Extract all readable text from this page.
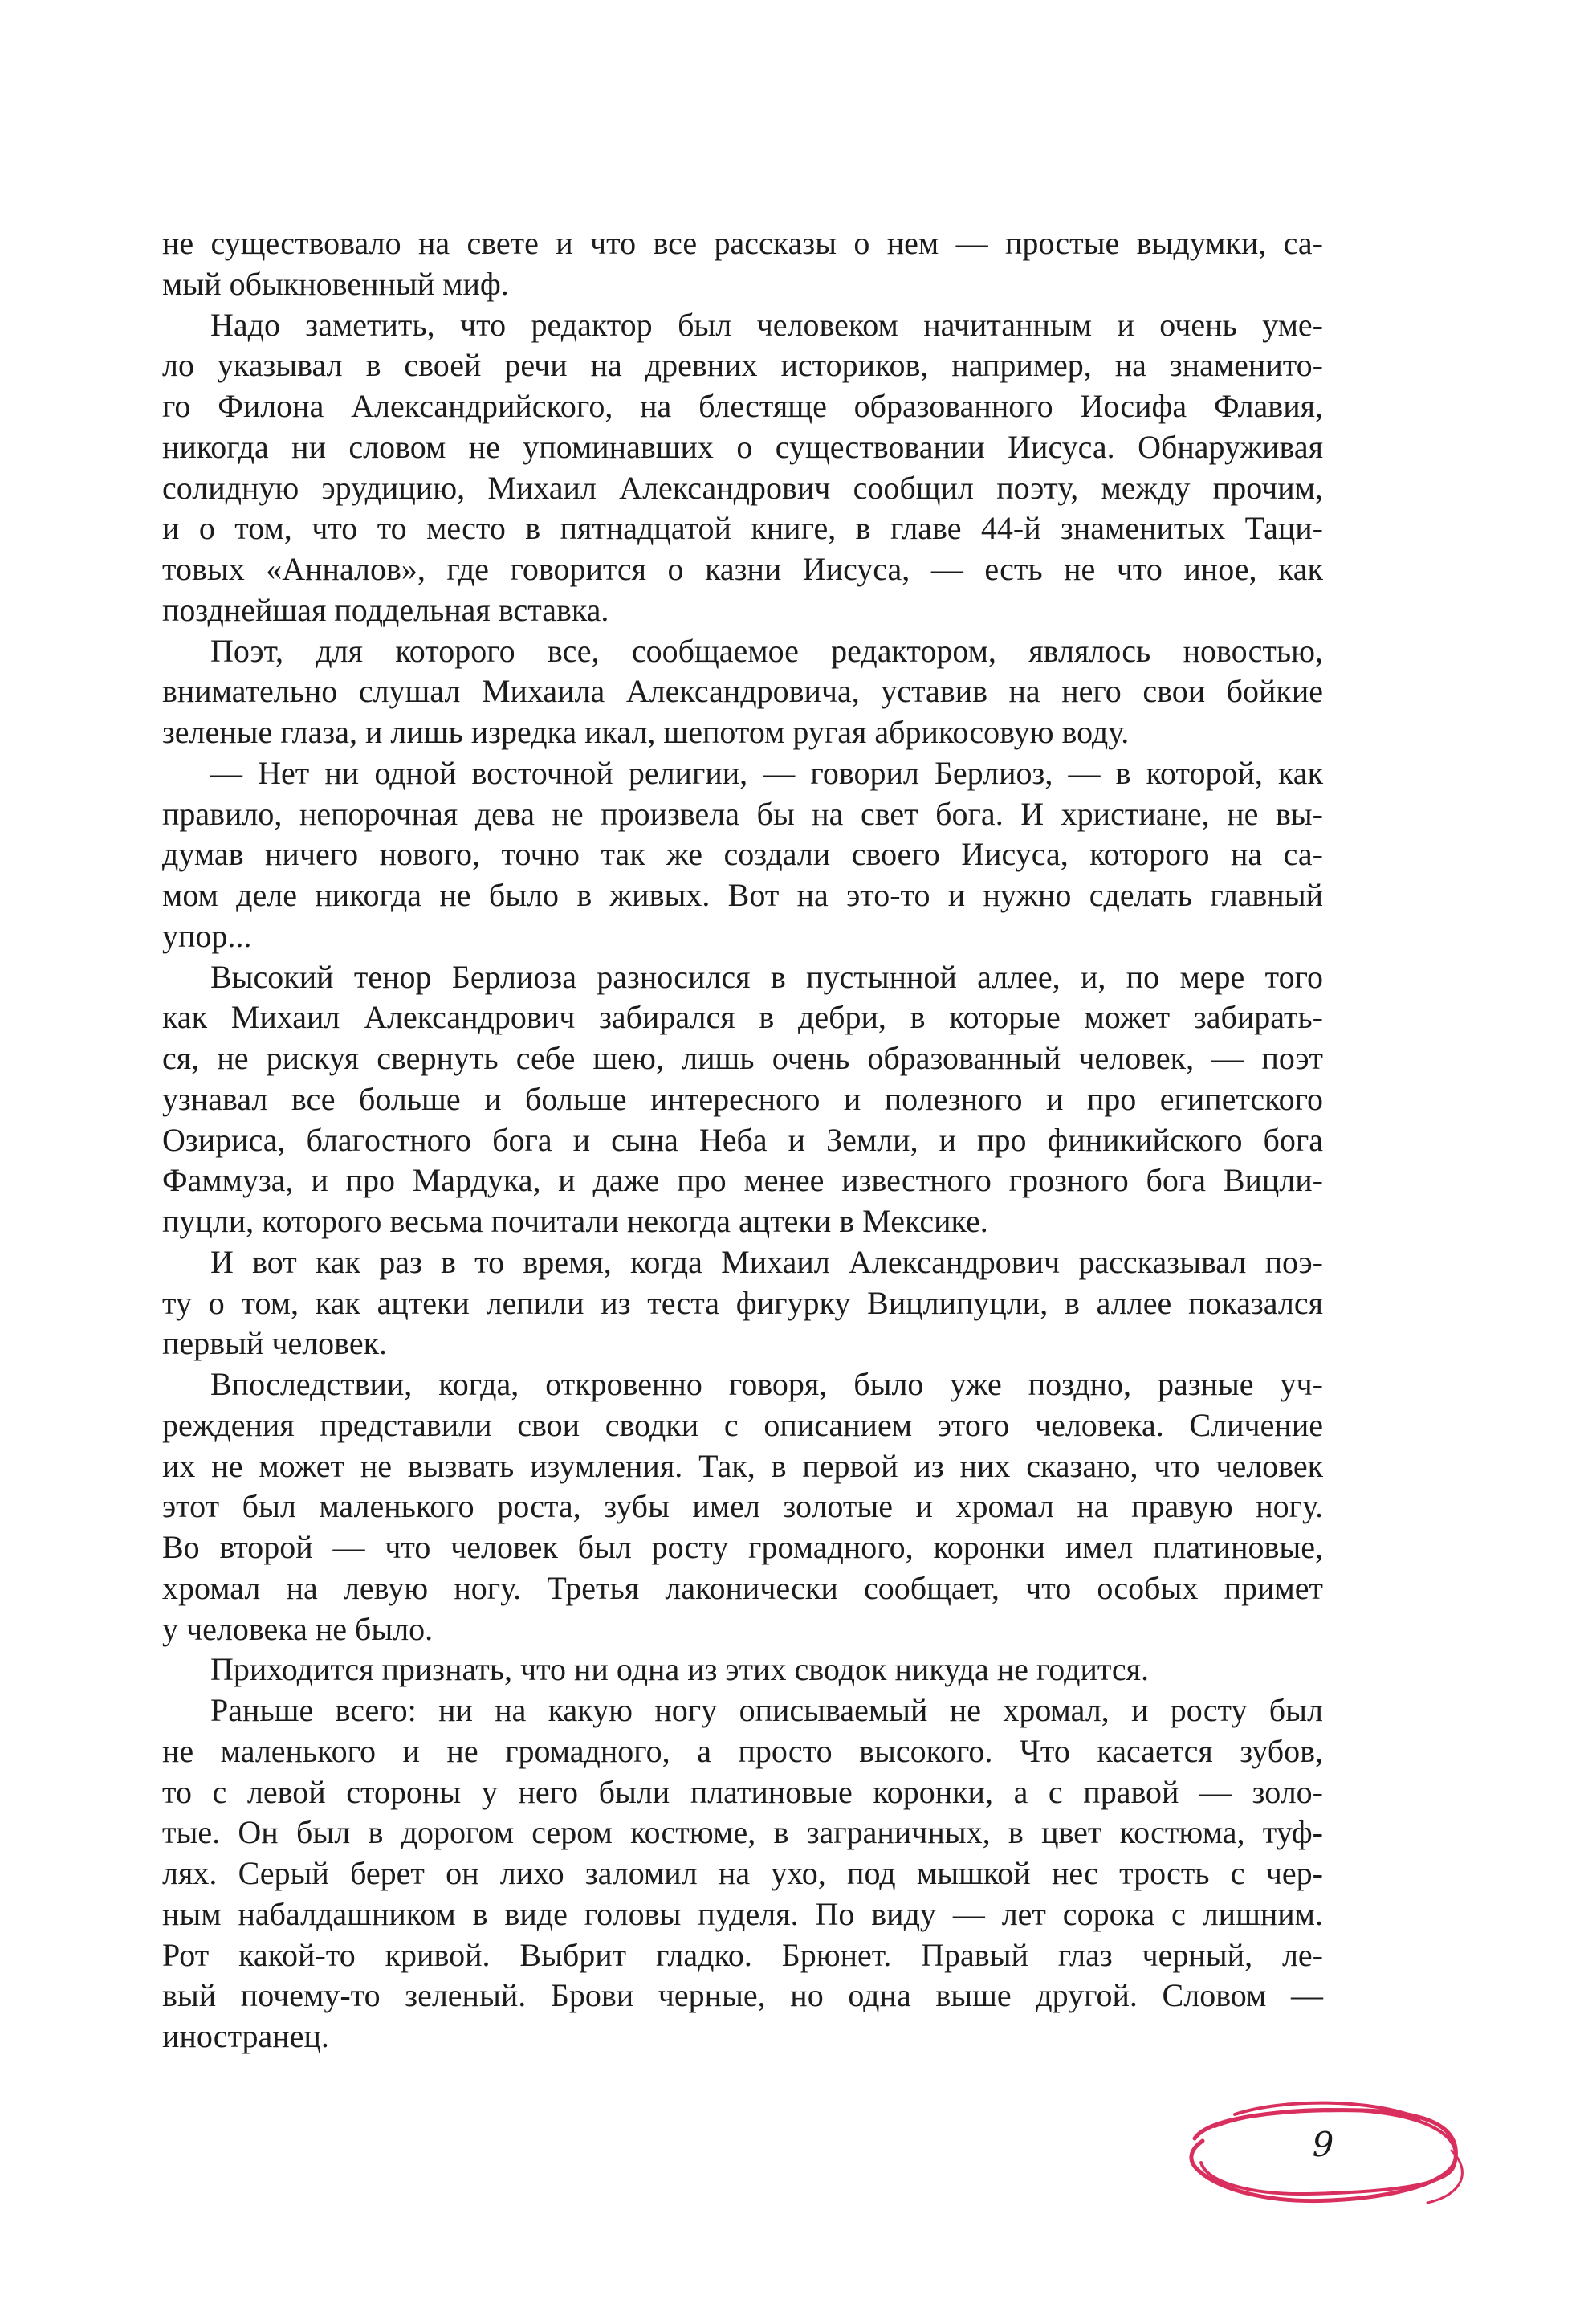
не существовало на свете и что все рассказы о нем — простые выдумки, са-
мый обыкновенный миф.
Надо заметить, что редактор был человеком начитанным и очень уме-
ло указывал в своей речи на древних историков, например, на знаменито-
го Филона Александрийского, на блестяще образованного Иосифа Флавия,
никогда ни словом не упоминавших о существовании Иисуса. Обнаруживая
солидную эрудицию, Михаил Александрович сообщил поэту, между прочим,
и о том, что то место в пятнадцатой книге, в главе 44-й знаменитых Таци-
товых «Анналов», где говорится о казни Иисуса, — есть не что иное, как
позднейшая поддельная вставка.
Поэт, для которого все, сообщаемое редактором, являлось новостью,
внимательно слушал Михаила Александровича, уставив на него свои бойкие
зеленые глаза, и лишь изредка икал, шепотом ругая абрикосовую воду.
— Нет ни одной восточной религии, — говорил Берлиоз, — в которой, как
правило, непорочная дева не произвела бы на свет бога. И христиане, не вы-
думав ничего нового, точно так же создали своего Иисуса, которого на са-
мом деле никогда не было в живых. Вот на это-то и нужно сделать главный
упор...
Высокий тенор Берлиоза разносился в пустынной аллее, и, по мере того
как Михаил Александрович забирался в дебри, в которые может забирать-
ся, не рискуя свернуть себе шею, лишь очень образованный человек, — поэт
узнавал все больше и больше интересного и полезного и про египетского
Озириса, благостного бога и сына Неба и Земли, и про финикийского бога
Фаммуза, и про Мардука, и даже про менее известного грозного бога Вицли-
пуцли, которого весьма почитали некогда ацтеки в Мексике.
И вот как раз в то время, когда Михаил Александрович рассказывал поэ-
ту о том, как ацтеки лепили из теста фигурку Вицлипуцли, в аллее показался
первый человек.
Впоследствии, когда, откровенно говоря, было уже поздно, разные уч-
реждения представили свои сводки с описанием этого человека. Сличение
их не может не вызвать изумления. Так, в первой из них сказано, что человек
этот был маленького роста, зубы имел золотые и хромал на правую ногу.
Во второй — что человек был росту громадного, коронки имел платиновые,
хромал на левую ногу. Третья лаконически сообщает, что особых примет
у человека не было.
Приходится признать, что ни одна из этих сводок никуда не годится.
Раньше всего: ни на какую ногу описываемый не хромал, и росту был
не маленького и не громадного, а просто высокого. Что касается зубов,
то с левой стороны у него были платиновые коронки, а с правой — золо-
тые. Он был в дорогом сером костюме, в заграничных, в цвет костюма, туф-
лях. Серый берет он лихо заломил на ухо, под мышкой нес трость с чер-
ным набалдашником в виде головы пуделя. По виду — лет сорока с лишним.
Рот какой-то кривой. Выбрит гладко. Брюнет. Правый глаз черный, ле-
вый почему-то зеленый. Брови черные, но одна выше другой. Словом —
иностранец.
9
